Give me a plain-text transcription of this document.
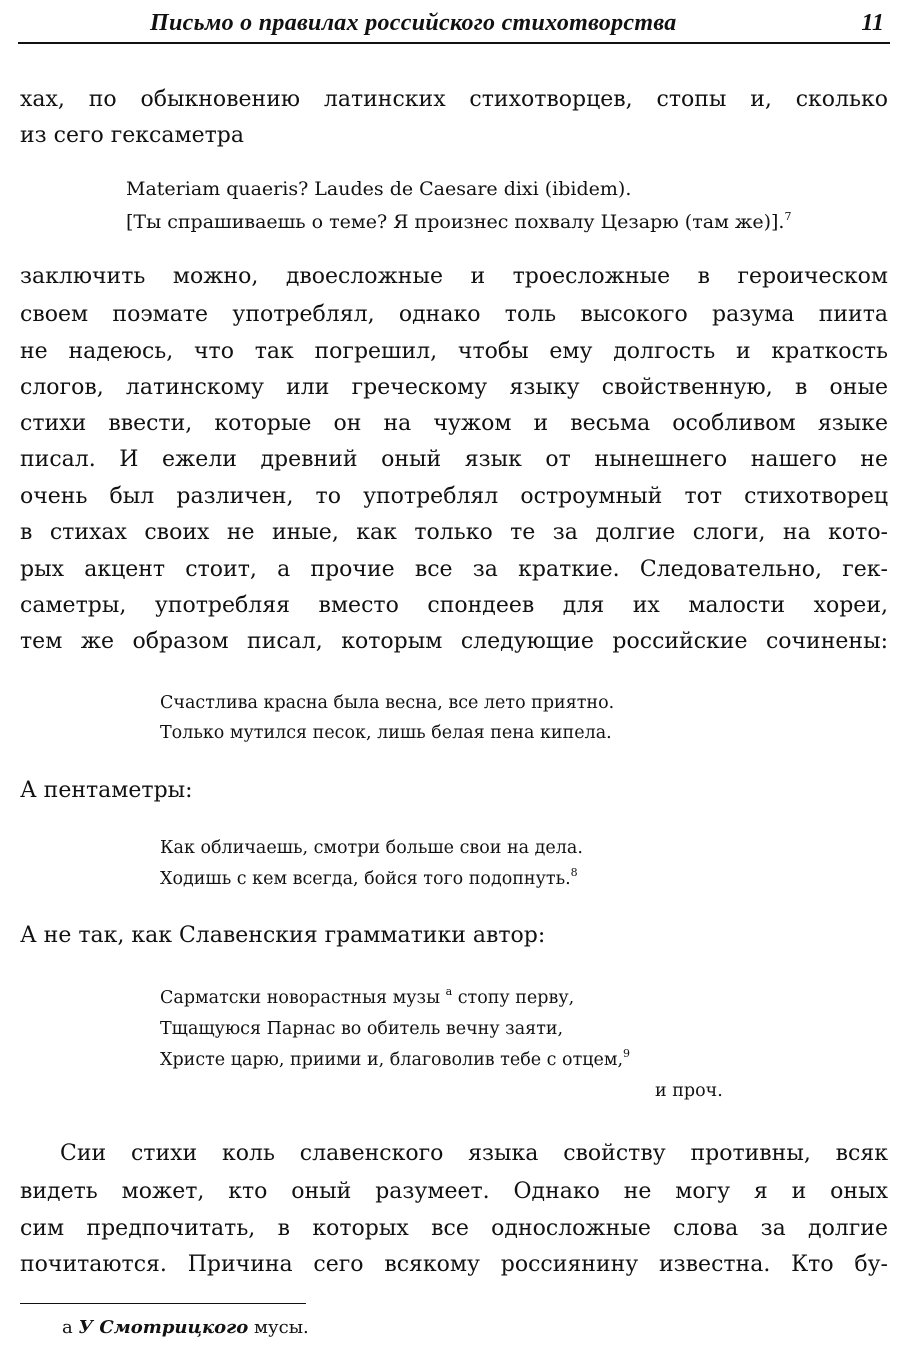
Письмо о правилах российского стихотворства	11
хах, по обыкновению латинских стихотворцев, стопы и, сколько
из сего гексаметра
Materiam quaeris? Laudes de Caesare dixi (ibidem).
[Ты спрашиваешь о теме? Я произнес похвалу Цезарю (там же)].$^7$
заключить можно, двоесложные и троесложные в героическом
своем поэмате употреблял, однако толь высокого разума пиита
не надеюсь, что так погрешил, чтобы ему долгость и краткость
слогов, латинскому или греческому языку свойственную, в оные
стихи ввести, которые он на чужом и весьма особливом языке
писал. И ежели древний оный язык от нынешнего нашего не
очень был различен, то употреблял остроумный тот стихотворец
в стихах своих не иные, как только те за долгие слоги, на кото-
рых акцент стоит, а прочие все за краткие. Следовательно, гек-
саметры, употребляя вместо спондеев для их малости хореи,
тем же образом писал, которым следующие российские сочинены:
Счастлива красна была весна, все лето приятно.
Только мутился песок, лишь белая пена кипела.
А пентаметры:
Как обличаешь, смотри больше свои на дела.
Ходишь с кем всегда, бойся того подопнуть.$^8$
А не так, как Славенския грамматики автор:
Сарматски новорастныя музы $^а$ стопу перву,
Тщащуюся Парнас во обитель вечну заяти,
Христе царю, приими и, благоволив тебе с отцем,$^9$
и проч.
Сии стихи коль славенского языка свойству противны, всяк
видеть может, кто оный разумеет. Однако не могу я и оных
сим предпочитать, в которых все односложные слова за долгие
почитаются. Причина сего всякому россиянину известна. Кто бу-
а У Смотрицкого мусы.
